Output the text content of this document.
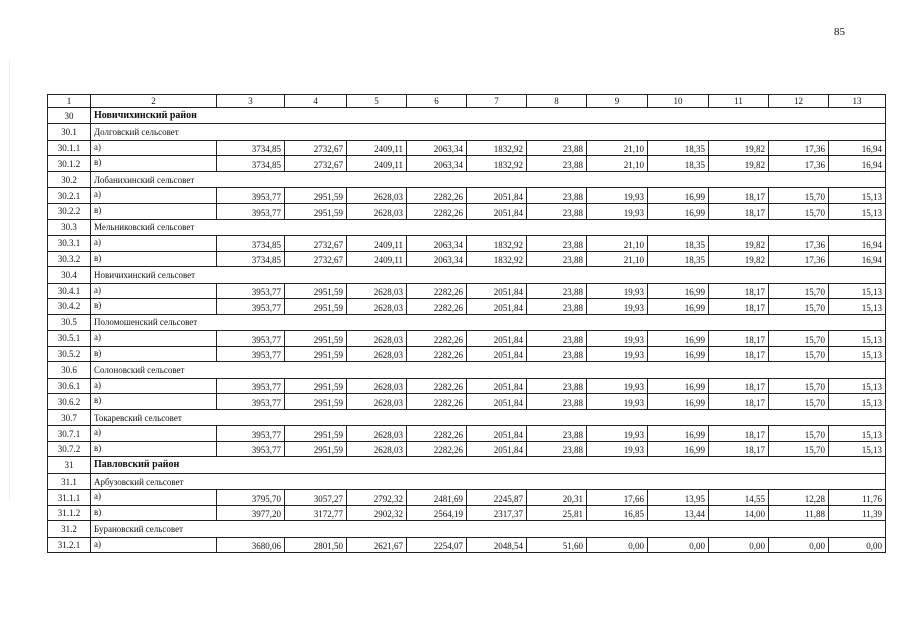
85
1	2	3	4	5	6	7	8	9	10	11	12	13
30	Новичихинский район											
30.1	Долговский сельсовет											
30.1.1	а)	3734,85	2732,67	2409,11	2063,34	1832,92	23,88	21,10	18,35	19,82	17,36	16,94
30.1.2	в)	3734,85	2732,67	2409,11	2063,34	1832,92	23,88	21,10	18,35	19,82	17,36	16,94
30.2	Лобанихинский сельсовет											
30.2.1	а)	3953,77	2951,59	2628,03	2282,26	2051,84	23,88	19,93	16,99	18,17	15,70	15,13
30.2.2	в)	3953,77	2951,59	2628,03	2282,26	2051,84	23,88	19,93	16,99	18,17	15,70	15,13
30.3	Мельниковский сельсовет											
30.3.1	а)	3734,85	2732,67	2409,11	2063,34	1832,92	23,88	21,10	18,35	19,82	17,36	16,94
30.3.2	в)	3734,85	2732,67	2409,11	2063,34	1832,92	23,88	21,10	18,35	19,82	17,36	16,94
30.4	Новичихинский сельсовет											
30.4.1	а)	3953,77	2951,59	2628,03	2282,26	2051,84	23,88	19,93	16,99	18,17	15,70	15,13
30.4.2	в)	3953,77	2951,59	2628,03	2282,26	2051,84	23,88	19,93	16,99	18,17	15,70	15,13
30.5	Поломошенский сельсовет											
30.5.1	а)	3953,77	2951,59	2628,03	2282,26	2051,84	23,88	19,93	16,99	18,17	15,70	15,13
30.5.2	в)	3953,77	2951,59	2628,03	2282,26	2051,84	23,88	19,93	16,99	18,17	15,70	15,13
30.6	Солоновский сельсовет											
30.6.1	а)	3953,77	2951,59	2628,03	2282,26	2051,84	23,88	19,93	16,99	18,17	15,70	15,13
30.6.2	в)	3953,77	2951,59	2628,03	2282,26	2051,84	23,88	19,93	16,99	18,17	15,70	15,13
30.7	Токаревский сельсовет											
30.7.1	а)	3953,77	2951,59	2628,03	2282,26	2051,84	23,88	19,93	16,99	18,17	15,70	15,13
30.7.2	в)	3953,77	2951,59	2628,03	2282,26	2051,84	23,88	19,93	16,99	18,17	15,70	15,13
31	Павловский район											
31.1	Арбузовский сельсовет											
31.1.1	а)	3795,70	3057,27	2792,32	2481,69	2245,87	20,31	17,66	13,95	14,55	12,28	11,76
31.1.2	в)	3977,20	3172,77	2902,32	2564,19	2317,37	25,81	16,85	13,44	14,00	11,88	11,39
31.2	Бурановский сельсовет											
31.2.1	а)	3680,06	2801,50	2621,67	2254,07	2048,54	51,60	0,00	0,00	0,00	0,00	0,00
